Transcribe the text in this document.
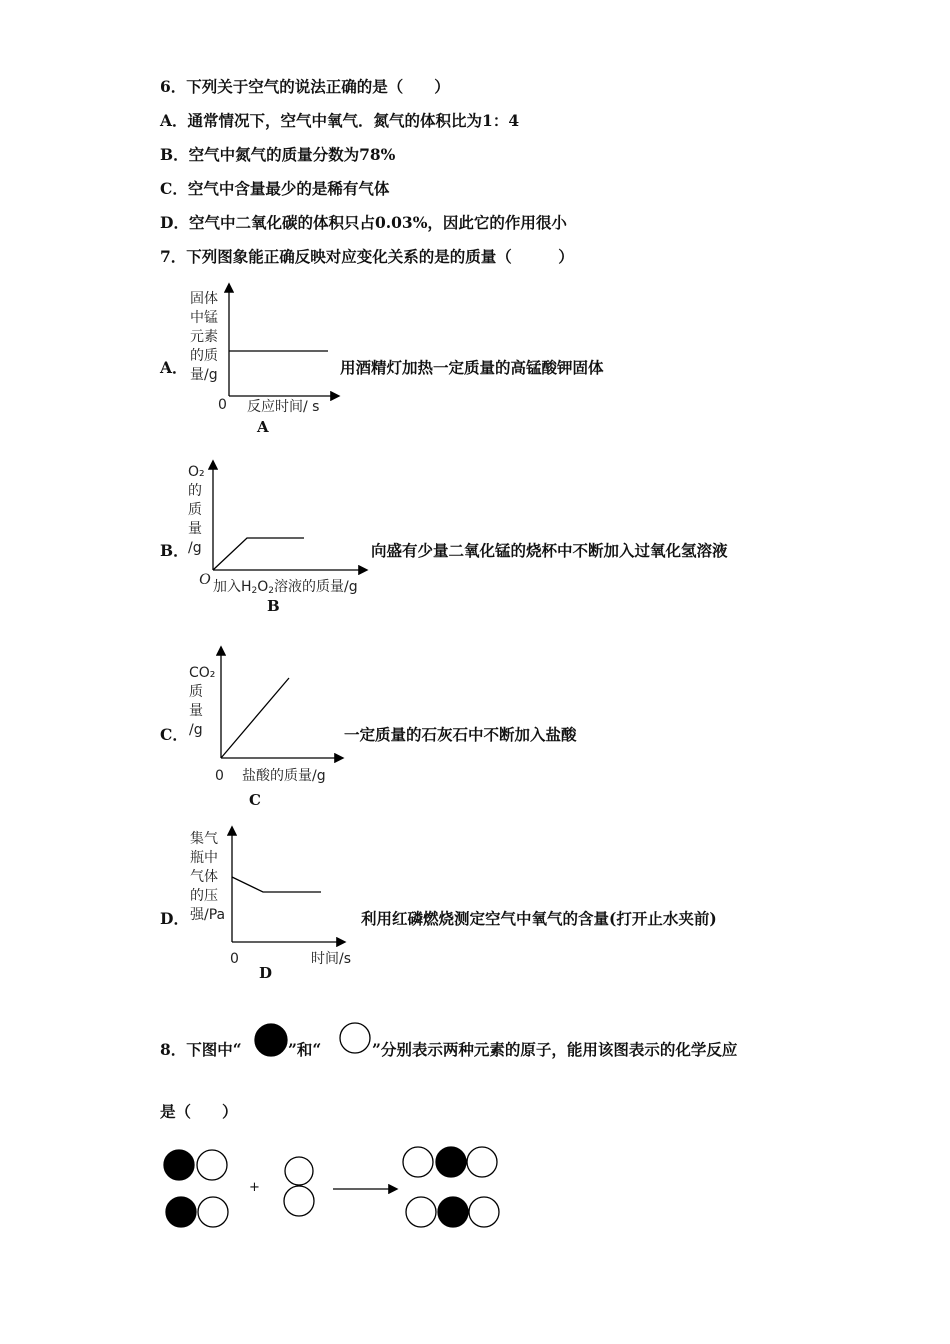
6．下列关于空气的说法正确的是（　　）
A．通常情况下，空气中氧气．氮气的体积比为1：4
B．空气中氮气的质量分数为78%
C．空气中含量最少的是稀有气体
D．空气中二氧化碳的体积只占0.03%，因此它的作用很小
7．下列图象能正确反映对应变化关系的是的质量（　　　）
A．
固体
中锰
元素
的质
量/g
0 反应时间/ s
A
用酒精灯加热一定质量的高锰酸钾固体
B．
O₂
的
质
量
/g
O 加入$H_2O_2$溶液的质量/g
B
向盛有少量二氧化锰的烧杯中不断加入过氧化氢溶液
C．
CO₂
质
量
/g
0 盐酸的质量/g
C
一定质量的石灰石中不断加入盐酸
D．
集气
瓶中
气体
的压
强/Pa
0	时间/s
D
利用红磷燃烧测定空气中氧气的含量(打开止水夹前)
8．下图中“	”和“	”分别表示两种元素的原子，能用该图表示的化学反应
是（　　）
+
